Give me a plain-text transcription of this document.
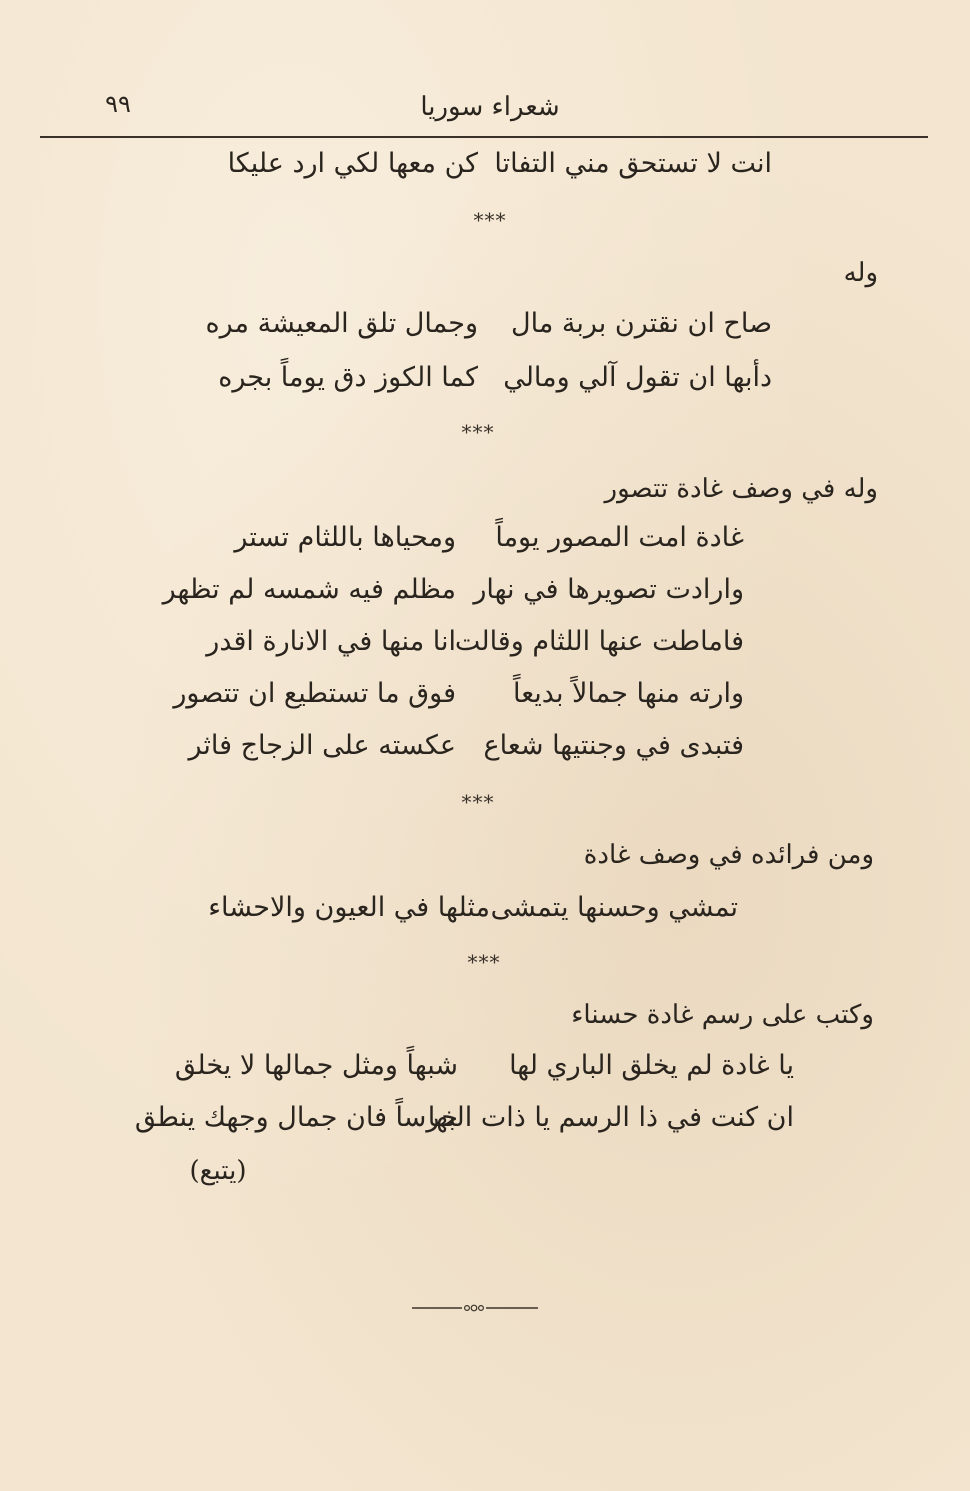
شعراء سوريا
٩٩
انت لا تستحق مني التفاتا
كن معها لكي ارد عليكا
***
وله
صاح ان نقترن بربة مال
وجمال تلق المعيشة مره
دأبها ان تقول آلي ومالي
كما الكوز دق يوماً بجره
***
وله في وصف غادة تتصور
غادة امت المصور يوماً
ومحياها باللثام تستر
وارادت تصويرها في نهار
مظلم فيه شمسه لم تظهر
فاماطت عنها اللثام وقالت
انا منها في الانارة اقدر
وارته منها جمالاً بديعاً
فوق ما تستطيع ان تتصور
فتبدى في وجنتيها شعاع
عكسته على الزجاج فاثر
***
ومن فرائده في وصف غادة
تمشي وحسنها يتمشى
مثلها في العيون والاحشاء
***
وكتب على رسم غادة حسناء
يا غادة لم يخلق الباري لها
شبهاً ومثل جمالها لا يخلق
ان كنت في ذا الرسم يا ذات البها
خرساً فان جمال وجهك ينطق
(يتبع)
